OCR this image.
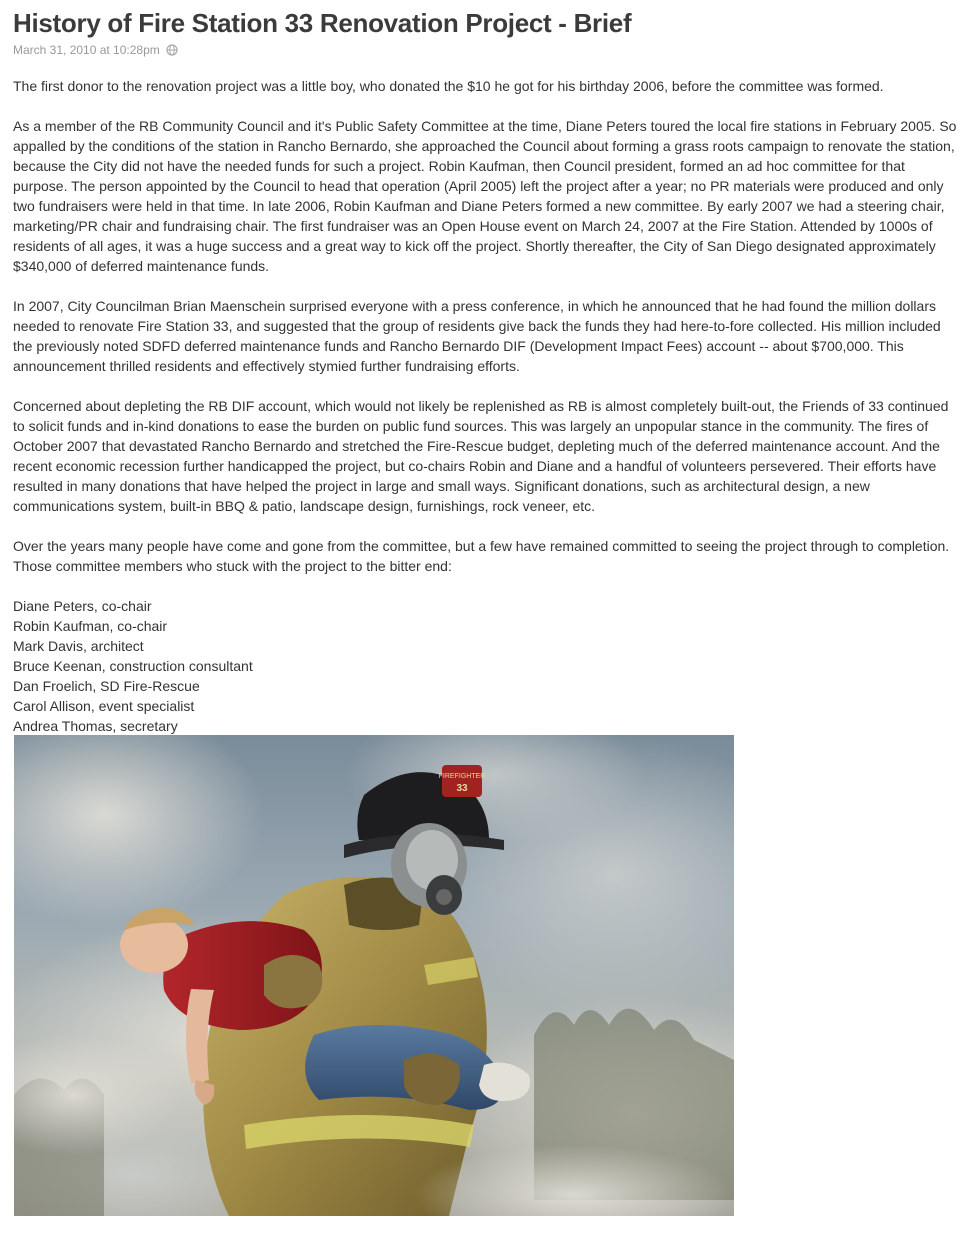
History of Fire Station 33 Renovation Project - Brief
March 31, 2010 at 10:28pm

The first donor to the renovation project was a little boy, who donated the $10 he got for his birthday 2006, before the committee was formed.

As a member of the RB Community Council and it's Public Safety Committee at the time, Diane Peters toured the local fire stations in February 2005. So appalled by the conditions of the station in Rancho Bernardo, she approached the Council about forming a grass roots campaign to renovate the station, because the City did not have the needed funds for such a project. Robin Kaufman, then Council president, formed an ad hoc committee for that purpose. The person appointed by the Council to head that operation (April 2005) left the project after a year; no PR materials were produced and only two fundraisers were held in that time. In late 2006, Robin Kaufman and Diane Peters formed a new committee. By early 2007 we had a steering chair, marketing/PR chair and fundraising chair. The first fundraiser was an Open House event on March 24, 2007 at the Fire Station. Attended by 1000s of residents of all ages, it was a huge success and a great way to kick off the project. Shortly thereafter, the City of San Diego designated approximately $340,000 of deferred maintenance funds.

In 2007, City Councilman Brian Maenschein surprised everyone with a press conference, in which he announced that he had found the million dollars needed to renovate Fire Station 33, and suggested that the group of residents give back the funds they had here-to-fore collected. His million included the previously noted SDFD deferred maintenance funds and Rancho Bernardo DIF (Development Impact Fees) account -- about $700,000. This announcement thrilled residents and effectively stymied further fundraising efforts.

Concerned about depleting the RB DIF account, which would not likely be replenished as RB is almost completely built-out, the Friends of 33 continued to solicit funds and in-kind donations to ease the burden on public fund sources. This was largely an unpopular stance in the community. The fires of October 2007 that devastated Rancho Bernardo and stretched the Fire-Rescue budget, depleting much of the deferred maintenance account. And the recent economic recession further handicapped the project, but co-chairs Robin and Diane and a handful of volunteers persevered. Their efforts have resulted in many donations that have helped the project in large and small ways. Significant donations, such as architectural design, a new communications system, built-in BBQ & patio, landscape design, furnishings, rock veneer, etc.

Over the years many people have come and gone from the committee, but a few have remained committed to seeing the project through to completion. Those committee members who stuck with the project to the bitter end:

Diane Peters, co-chair
Robin Kaufman, co-chair
Mark Davis, architect
Bruce Keenan, construction consultant
Dan Froelich, SD Fire-Rescue
Carol Allison, event specialist
Andrea Thomas, secretary
FIREFIGHTER
33
